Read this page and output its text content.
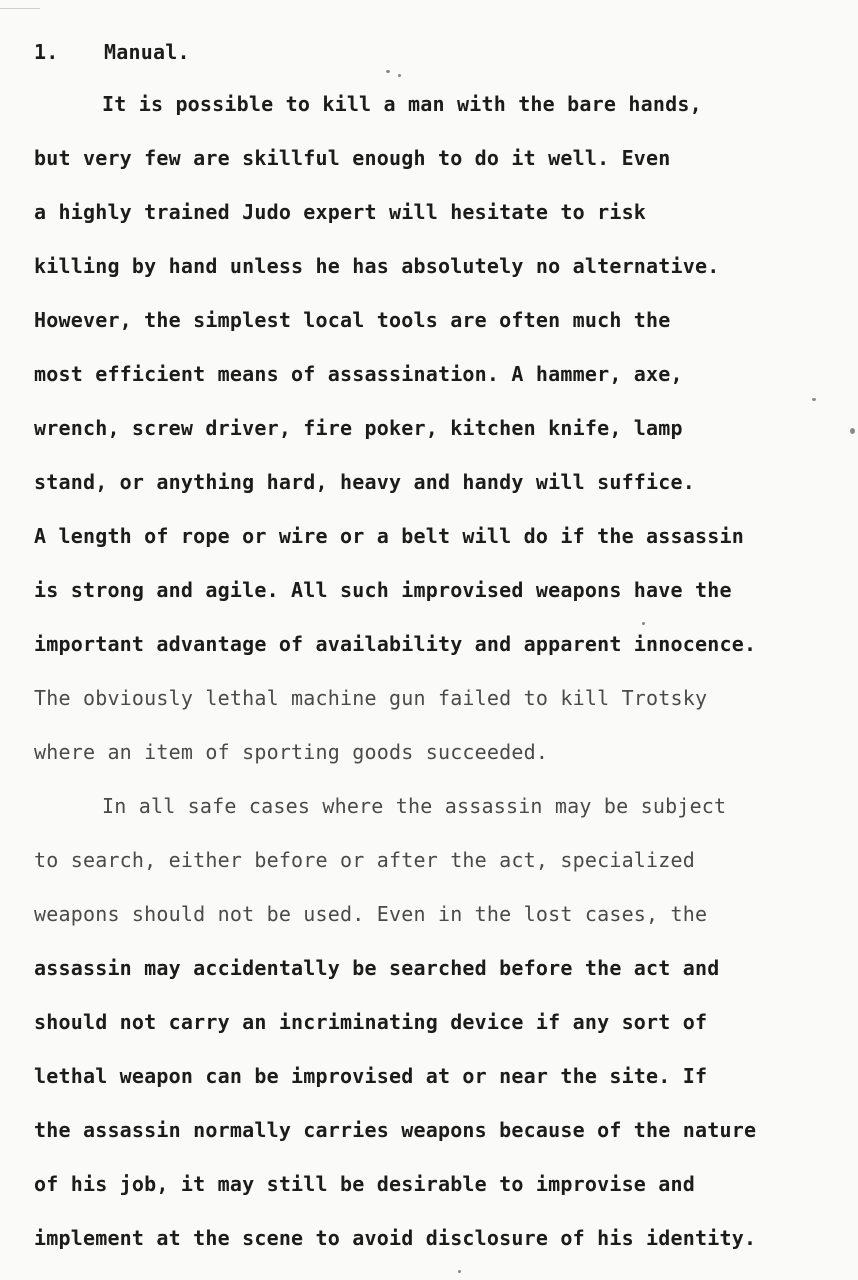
1. Manual.
It is possible to kill a man with the bare hands,
but very few are skillful enough to do it well. Even
a highly trained Judo expert will hesitate to risk
killing by hand unless he has absolutely no alternative.
However, the simplest local tools are often much the
most efficient means of assassination. A hammer, axe,
wrench, screw driver, fire poker, kitchen knife, lamp
stand, or anything hard, heavy and handy will suffice.
A length of rope or wire or a belt will do if the assassin
is strong and agile. All such improvised weapons have the
important advantage of availability and apparent innocence.
The obviously lethal machine gun failed to kill Trotsky
where an item of sporting goods succeeded.
In all safe cases where the assassin may be subject
to search, either before or after the act, specialized
weapons should not be used. Even in the lost cases, the
assassin may accidentally be searched before the act and
should not carry an incriminating device if any sort of
lethal weapon can be improvised at or near the site. If
the assassin normally carries weapons because of the nature
of his job, it may still be desirable to improvise and
implement at the scene to avoid disclosure of his identity.
